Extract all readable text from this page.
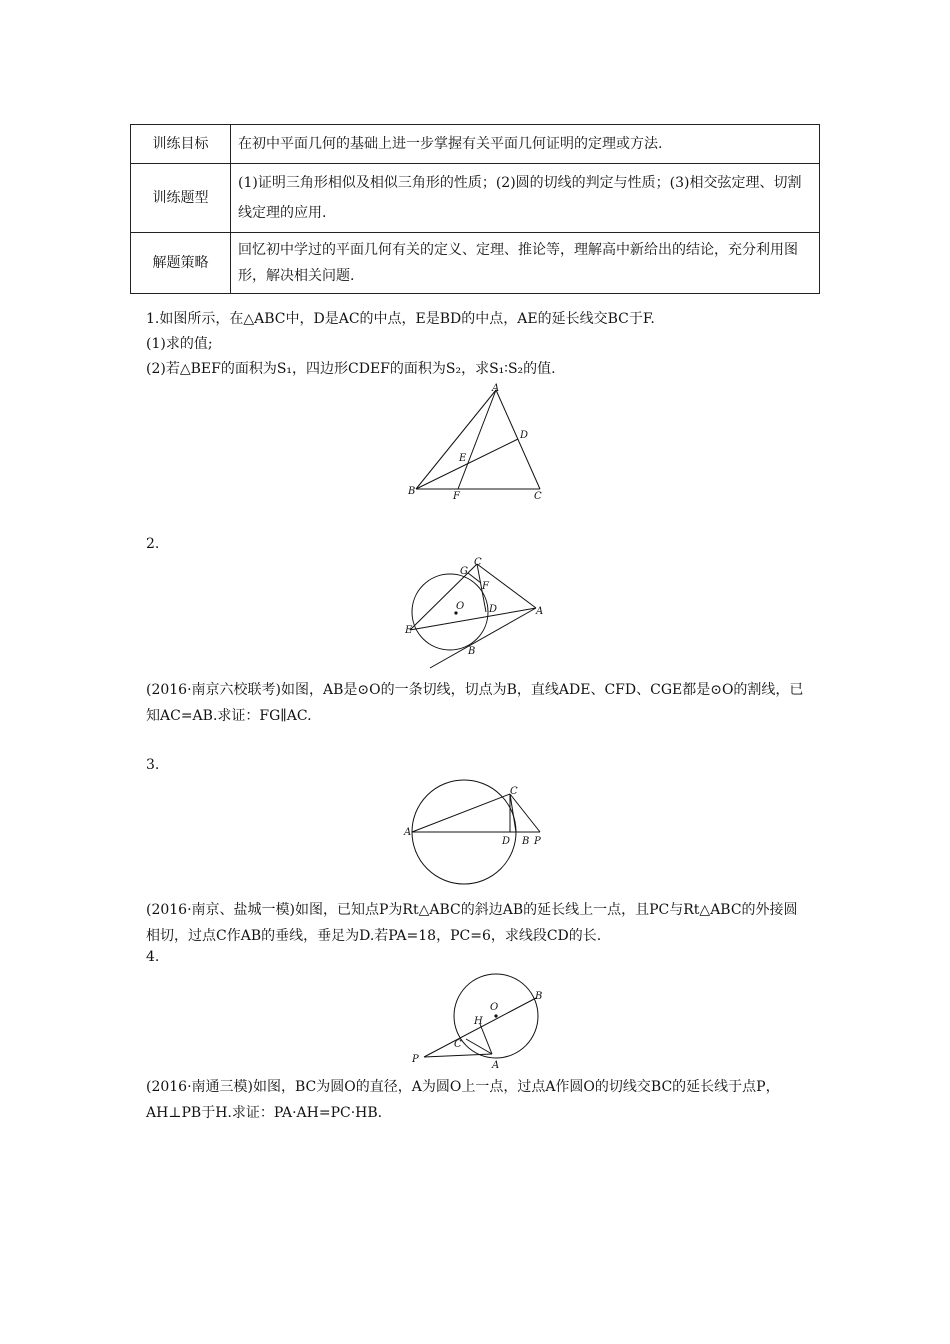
训练目标	在初中平面几何的基础上进一步掌握有关平面几何证明的定理或方法.
训练题型	(1)证明三角形相似及相似三角形的性质；(2)圆的切线的判定与性质；(3)相交弦定理、切割线定理的应用.
解题策略	回忆初中学过的平面几何有关的定义、定理、推论等，理解高中新给出的结论，充分利用图形，解决相关问题.
1.如图所示，在△ABC中，D是AC的中点，E是BD的中点，AE的延长线交BC于F.
(1)求的值;
(2)若△BEF的面积为S₁，四边形CDEF的面积为S₂，求S₁∶S₂的值.
A
D
E
B	F	C
2.
C
G
F
O D	A
E
B
(2016·南京六校联考)如图，AB是⊙O的一条切线，切点为B，直线ADE、CFD、CGE都是⊙O的割线，已知AC=AB.求证：FG∥AC.
3.
A
C
D B P
(2016·南京、盐城一模)如图，已知点P为Rt△ABC的斜边AB的延长线上一点，且PC与Rt△ABC的外接圆相切，过点C作AB的垂线，垂足为D.若PA=18，PC=6，求线段CD的长.
4.
B
O
H
C
P
A
(2016·南通三模)如图，BC为圆O的直径，A为圆O上一点，过点A作圆O的切线交BC的延长线于点P，AH⊥PB于H.求证：PA·AH=PC·HB.
